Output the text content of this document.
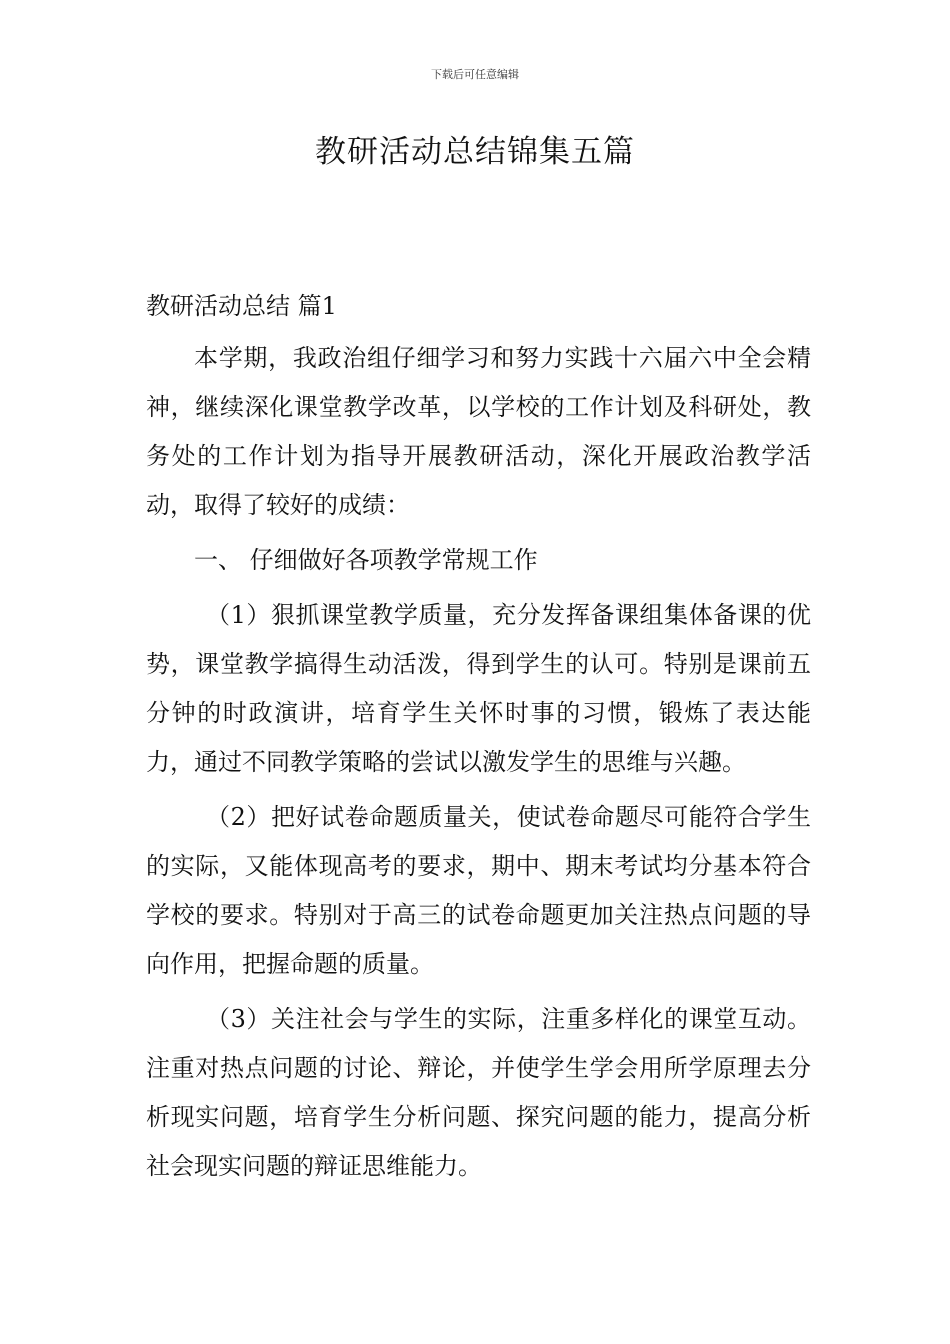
下载后可任意编辑
教研活动总结锦集五篇

教研活动总结 篇1

本学期，我政治组仔细学习和努力实践十六届六中全会精神，继续深化课堂教学改革，以学校的工作计划及科研处，教务处的工作计划为指导开展教研活动，深化开展政治教学活动，取得了较好的成绩：

一、 仔细做好各项教学常规工作

（1）狠抓课堂教学质量，充分发挥备课组集体备课的优势，课堂教学搞得生动活泼，得到学生的认可。特别是课前五分钟的时政演讲，培育学生关怀时事的习惯，锻炼了表达能力，通过不同教学策略的尝试以激发学生的思维与兴趣。

（2）把好试卷命题质量关，使试卷命题尽可能符合学生的实际，又能体现高考的要求，期中、期末考试均分基本符合学校的要求。特别对于高三的试卷命题更加关注热点问题的导向作用，把握命题的质量。

（3）关注社会与学生的实际，注重多样化的课堂互动。注重对热点问题的讨论、辩论，并使学生学会用所学原理去分析现实问题，培育学生分析问题、探究问题的能力，提高分析社会现实问题的辩证思维能力。
